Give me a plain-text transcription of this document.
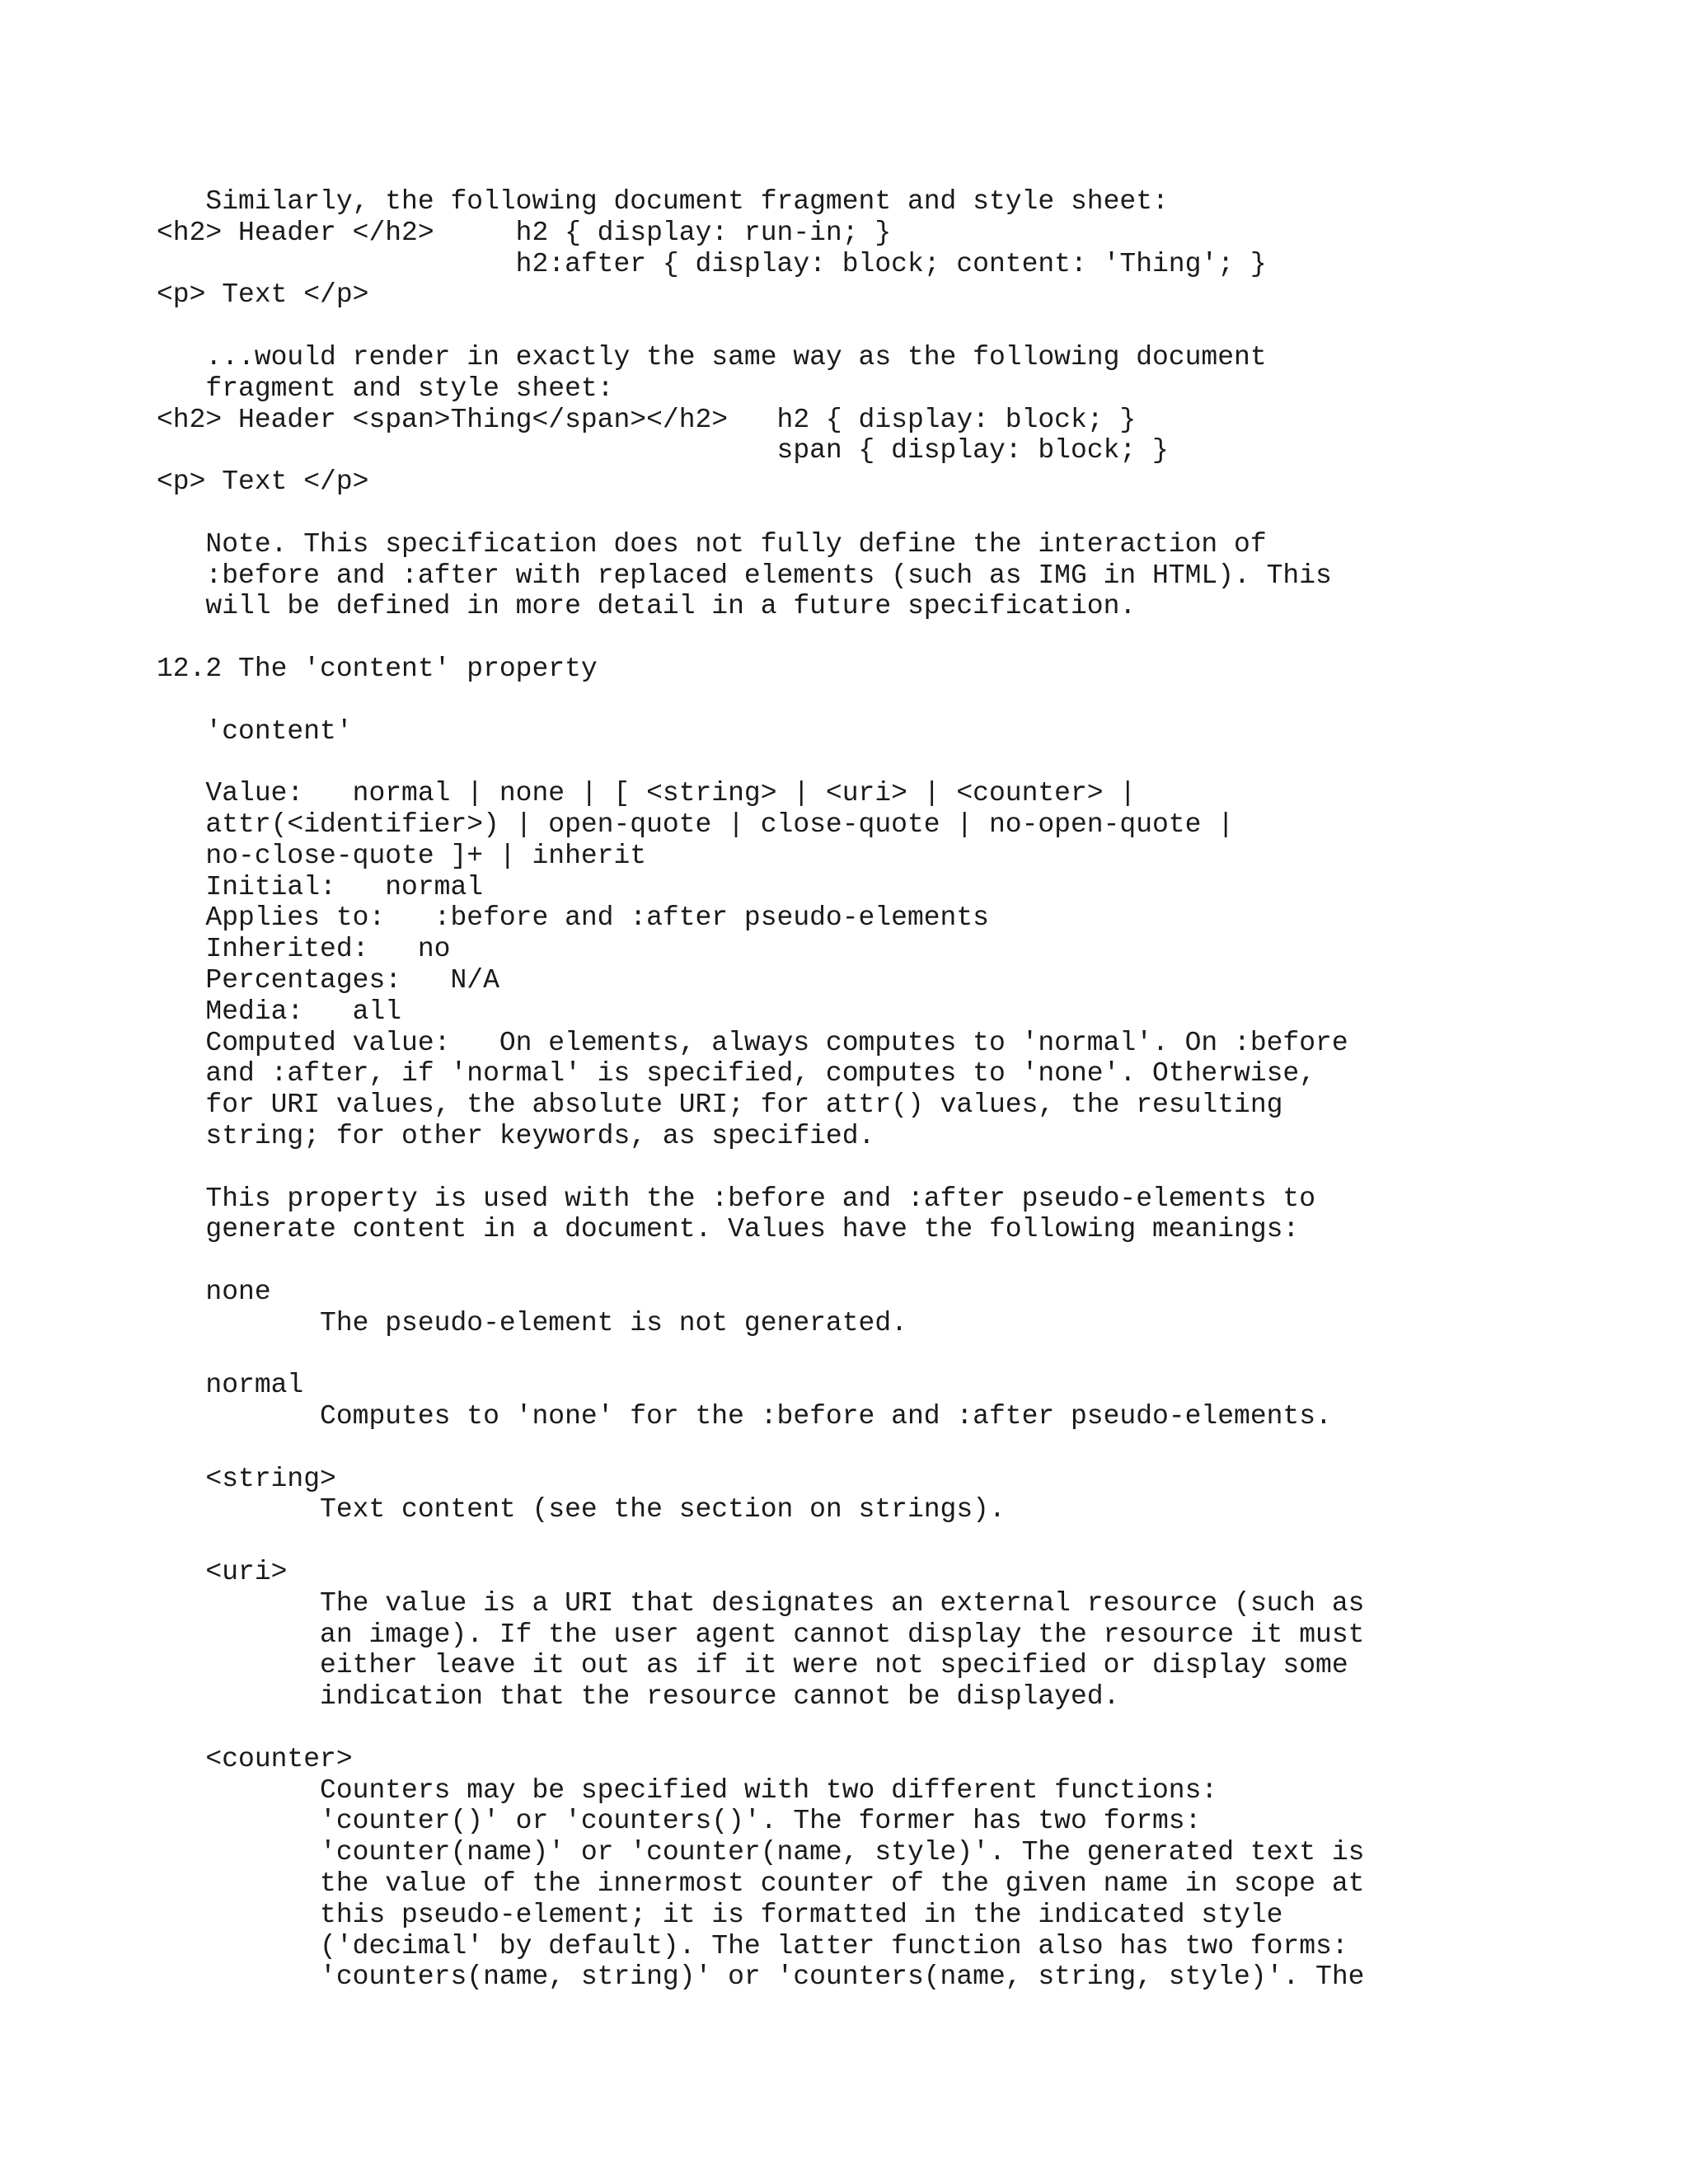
Similarly, the following document fragment and style sheet:
<h2> Header </h2>     h2 { display: run-in; }
h2:after { display: block; content: 'Thing'; }
<p> Text </p>
...would render in exactly the same way as the following document
fragment and style sheet:
<h2> Header <span>Thing</span></h2>   h2 { display: block; }
span { display: block; }
<p> Text </p>
Note. This specification does not fully define the interaction of
:before and :after with replaced elements (such as IMG in HTML). This
will be defined in more detail in a future specification.
12.2 The 'content' property
'content'
Value:   normal | none | [ <string> | <uri> | <counter> |
attr(<identifier>) | open-quote | close-quote | no-open-quote |
no-close-quote ]+ | inherit
Initial:   normal
Applies to:   :before and :after pseudo-elements
Inherited:   no
Percentages:   N/A
Media:   all
Computed value:   On elements, always computes to 'normal'. On :before
and :after, if 'normal' is specified, computes to 'none'. Otherwise,
for URI values, the absolute URI; for attr() values, the resulting
string; for other keywords, as specified.
This property is used with the :before and :after pseudo-elements to
generate content in a document. Values have the following meanings:
none
The pseudo-element is not generated.
normal
Computes to 'none' for the :before and :after pseudo-elements.
<string>
Text content (see the section on strings).
<uri>
The value is a URI that designates an external resource (such as
an image). If the user agent cannot display the resource it must
either leave it out as if it were not specified or display some
indication that the resource cannot be displayed.
<counter>
Counters may be specified with two different functions:
'counter()' or 'counters()'. The former has two forms:
'counter(name)' or 'counter(name, style)'. The generated text is
the value of the innermost counter of the given name in scope at
this pseudo-element; it is formatted in the indicated style
('decimal' by default). The latter function also has two forms:
'counters(name, string)' or 'counters(name, string, style)'. The
